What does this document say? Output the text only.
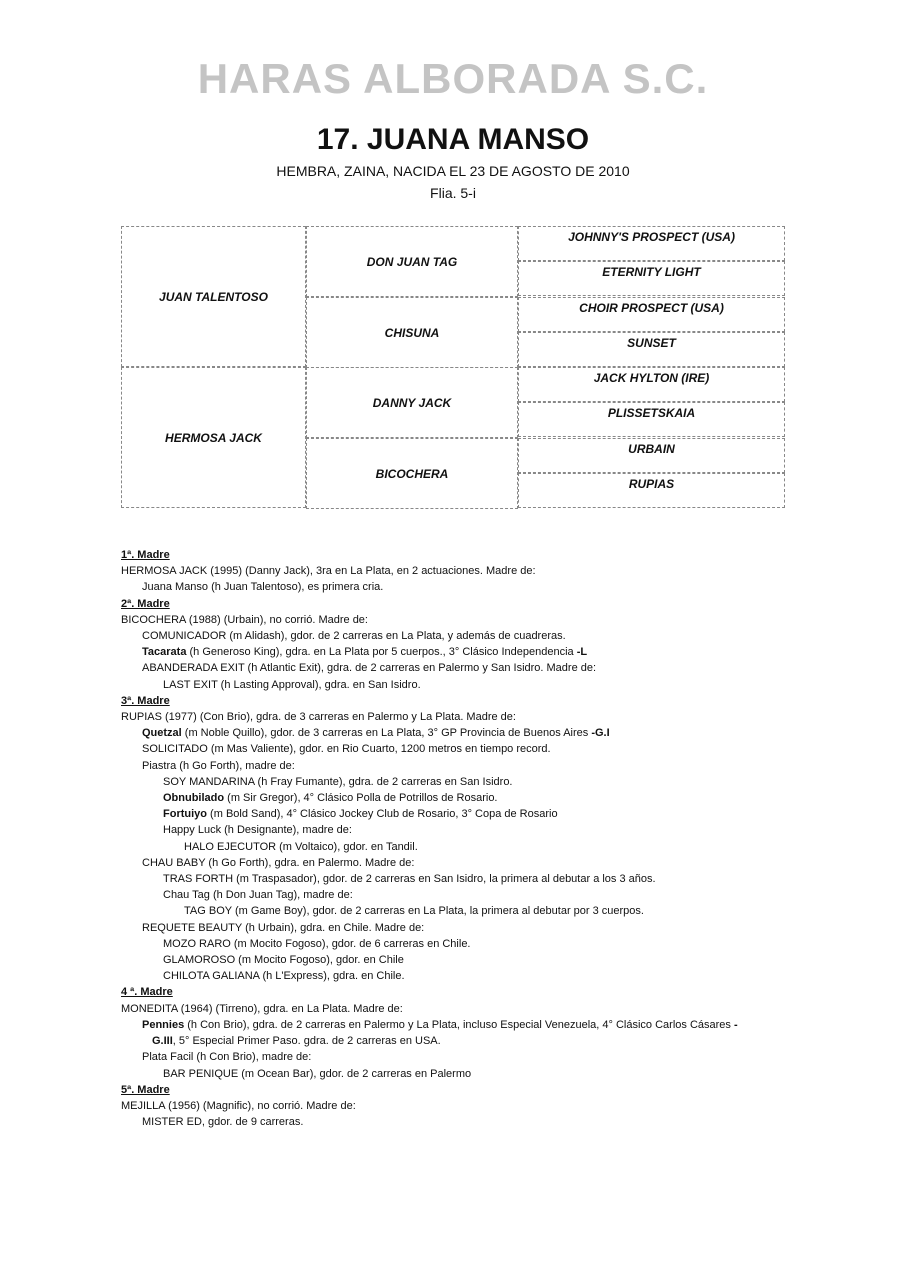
HARAS ALBORADA S.C.
17. JUANA MANSO
HEMBRA, ZAINA, NACIDA EL 23 DE AGOSTO DE 2010
Flia. 5-i
JUAN TALENTOSO
HERMOSA JACK
DON JUAN TAG
CHISUNA
DANNY JACK
BICOCHERA
JOHNNY'S PROSPECT (USA)
ETERNITY LIGHT
CHOIR PROSPECT (USA)
SUNSET
JACK HYLTON (IRE)
PLISSETSKAIA
URBAIN
RUPIAS
1ª. Madre
HERMOSA JACK (1995) (Danny Jack), 3ra en La Plata, en 2 actuaciones. Madre de:
Juana Manso (h Juan Talentoso), es primera cria.
2ª. Madre
BICOCHERA (1988) (Urbain), no corrió. Madre de:
COMUNICADOR (m Alidash), gdor. de 2 carreras en La Plata, y además de cuadreras.
Tacarata (h Generoso King), gdra. en La Plata por 5 cuerpos., 3° Clásico Independencia -L
ABANDERADA EXIT (h Atlantic Exit), gdra. de 2 carreras en Palermo y San Isidro. Madre de:
LAST EXIT (h Lasting Approval), gdra. en San Isidro.
3ª. Madre
RUPIAS (1977) (Con Brio), gdra. de 3 carreras en Palermo y La Plata. Madre de:
Quetzal (m Noble Quillo), gdor. de 3 carreras en La Plata, 3° GP Provincia de Buenos Aires -G.I
SOLICITADO (m Mas Valiente), gdor. en Rio Cuarto, 1200 metros en tiempo record.
Piastra (h Go Forth), madre de:
SOY MANDARINA (h Fray Fumante), gdra. de 2 carreras en San Isidro.
Obnubilado (m Sir Gregor), 4° Clásico Polla de Potrillos de Rosario.
Fortuiyo (m Bold Sand), 4° Clásico Jockey Club de Rosario, 3° Copa de Rosario
Happy Luck (h Designante), madre de:
HALO EJECUTOR (m Voltaico), gdor. en Tandil.
CHAU BABY (h Go Forth), gdra. en Palermo. Madre de:
TRAS FORTH (m Traspasador), gdor. de 2 carreras en San Isidro, la primera al debutar a los 3 años.
Chau Tag (h Don Juan Tag), madre de:
TAG BOY (m Game Boy), gdor. de 2 carreras en La Plata, la primera al debutar por 3 cuerpos.
REQUETE BEAUTY (h Urbain), gdra. en Chile. Madre de:
MOZO RARO (m Mocito Fogoso), gdor. de 6 carreras en Chile.
GLAMOROSO (m Mocito Fogoso), gdor. en Chile
CHILOTA GALIANA (h L'Express), gdra. en Chile.
4 ª. Madre
MONEDITA (1964) (Tirreno), gdra. en La Plata. Madre de:
Pennies (h Con Brio), gdra. de 2 carreras en Palermo y La Plata, incluso Especial Venezuela, 4° Clásico Carlos Cásares -
G.III, 5° Especial Primer Paso. gdra. de 2 carreras en USA.
Plata Facil (h Con Brio), madre de:
BAR PENIQUE (m Ocean Bar), gdor. de 2 carreras en Palermo
5ª. Madre
MEJILLA (1956) (Magnific), no corrió. Madre de:
MISTER ED, gdor. de 9 carreras.
